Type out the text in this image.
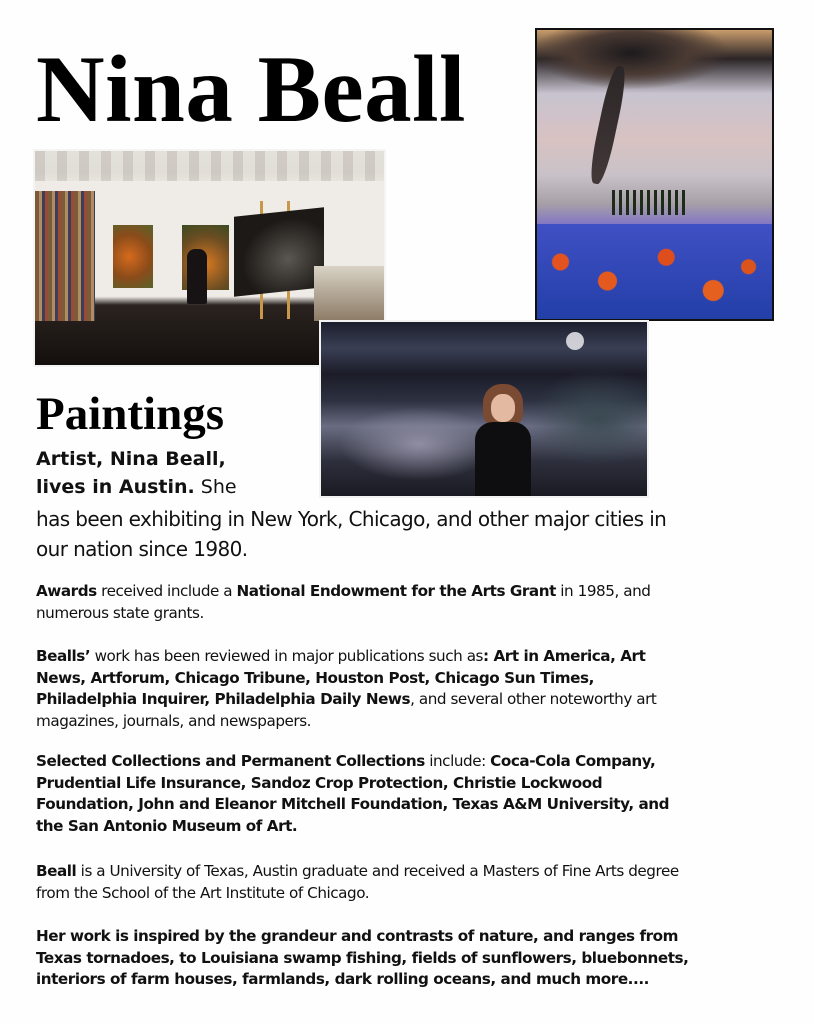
Nina Beall
Paintings

Artist, Nina Beall,
lives in Austin. She

has been exhibiting in New York, Chicago, and other major cities in our nation since 1980.

Awards received include a National Endowment for the Arts Grant in 1985, and numerous state grants.

Bealls’ work has been reviewed in major publications such as: Art in America, Art News, Artforum, Chicago Tribune, Houston Post, Chicago Sun Times, Philadelphia Inquirer, Philadelphia Daily News, and several other noteworthy art magazines, journals, and newspapers.

Selected Collections and Permanent Collections include: Coca-Cola Company, Prudential Life Insurance, Sandoz Crop Protection, Christie Lockwood Foundation, John and Eleanor Mitchell Foundation, Texas A&M University, and the San Antonio Museum of Art.

Beall is a University of Texas, Austin graduate and received a Masters of Fine Arts degree from the School of the Art Institute of Chicago.

Her work is inspired by the grandeur and contrasts of nature, and ranges from Texas tornadoes, to Louisiana swamp fishing, fields of sunflowers, bluebonnets, interiors of farm houses, farmlands, dark rolling oceans, and much more....
